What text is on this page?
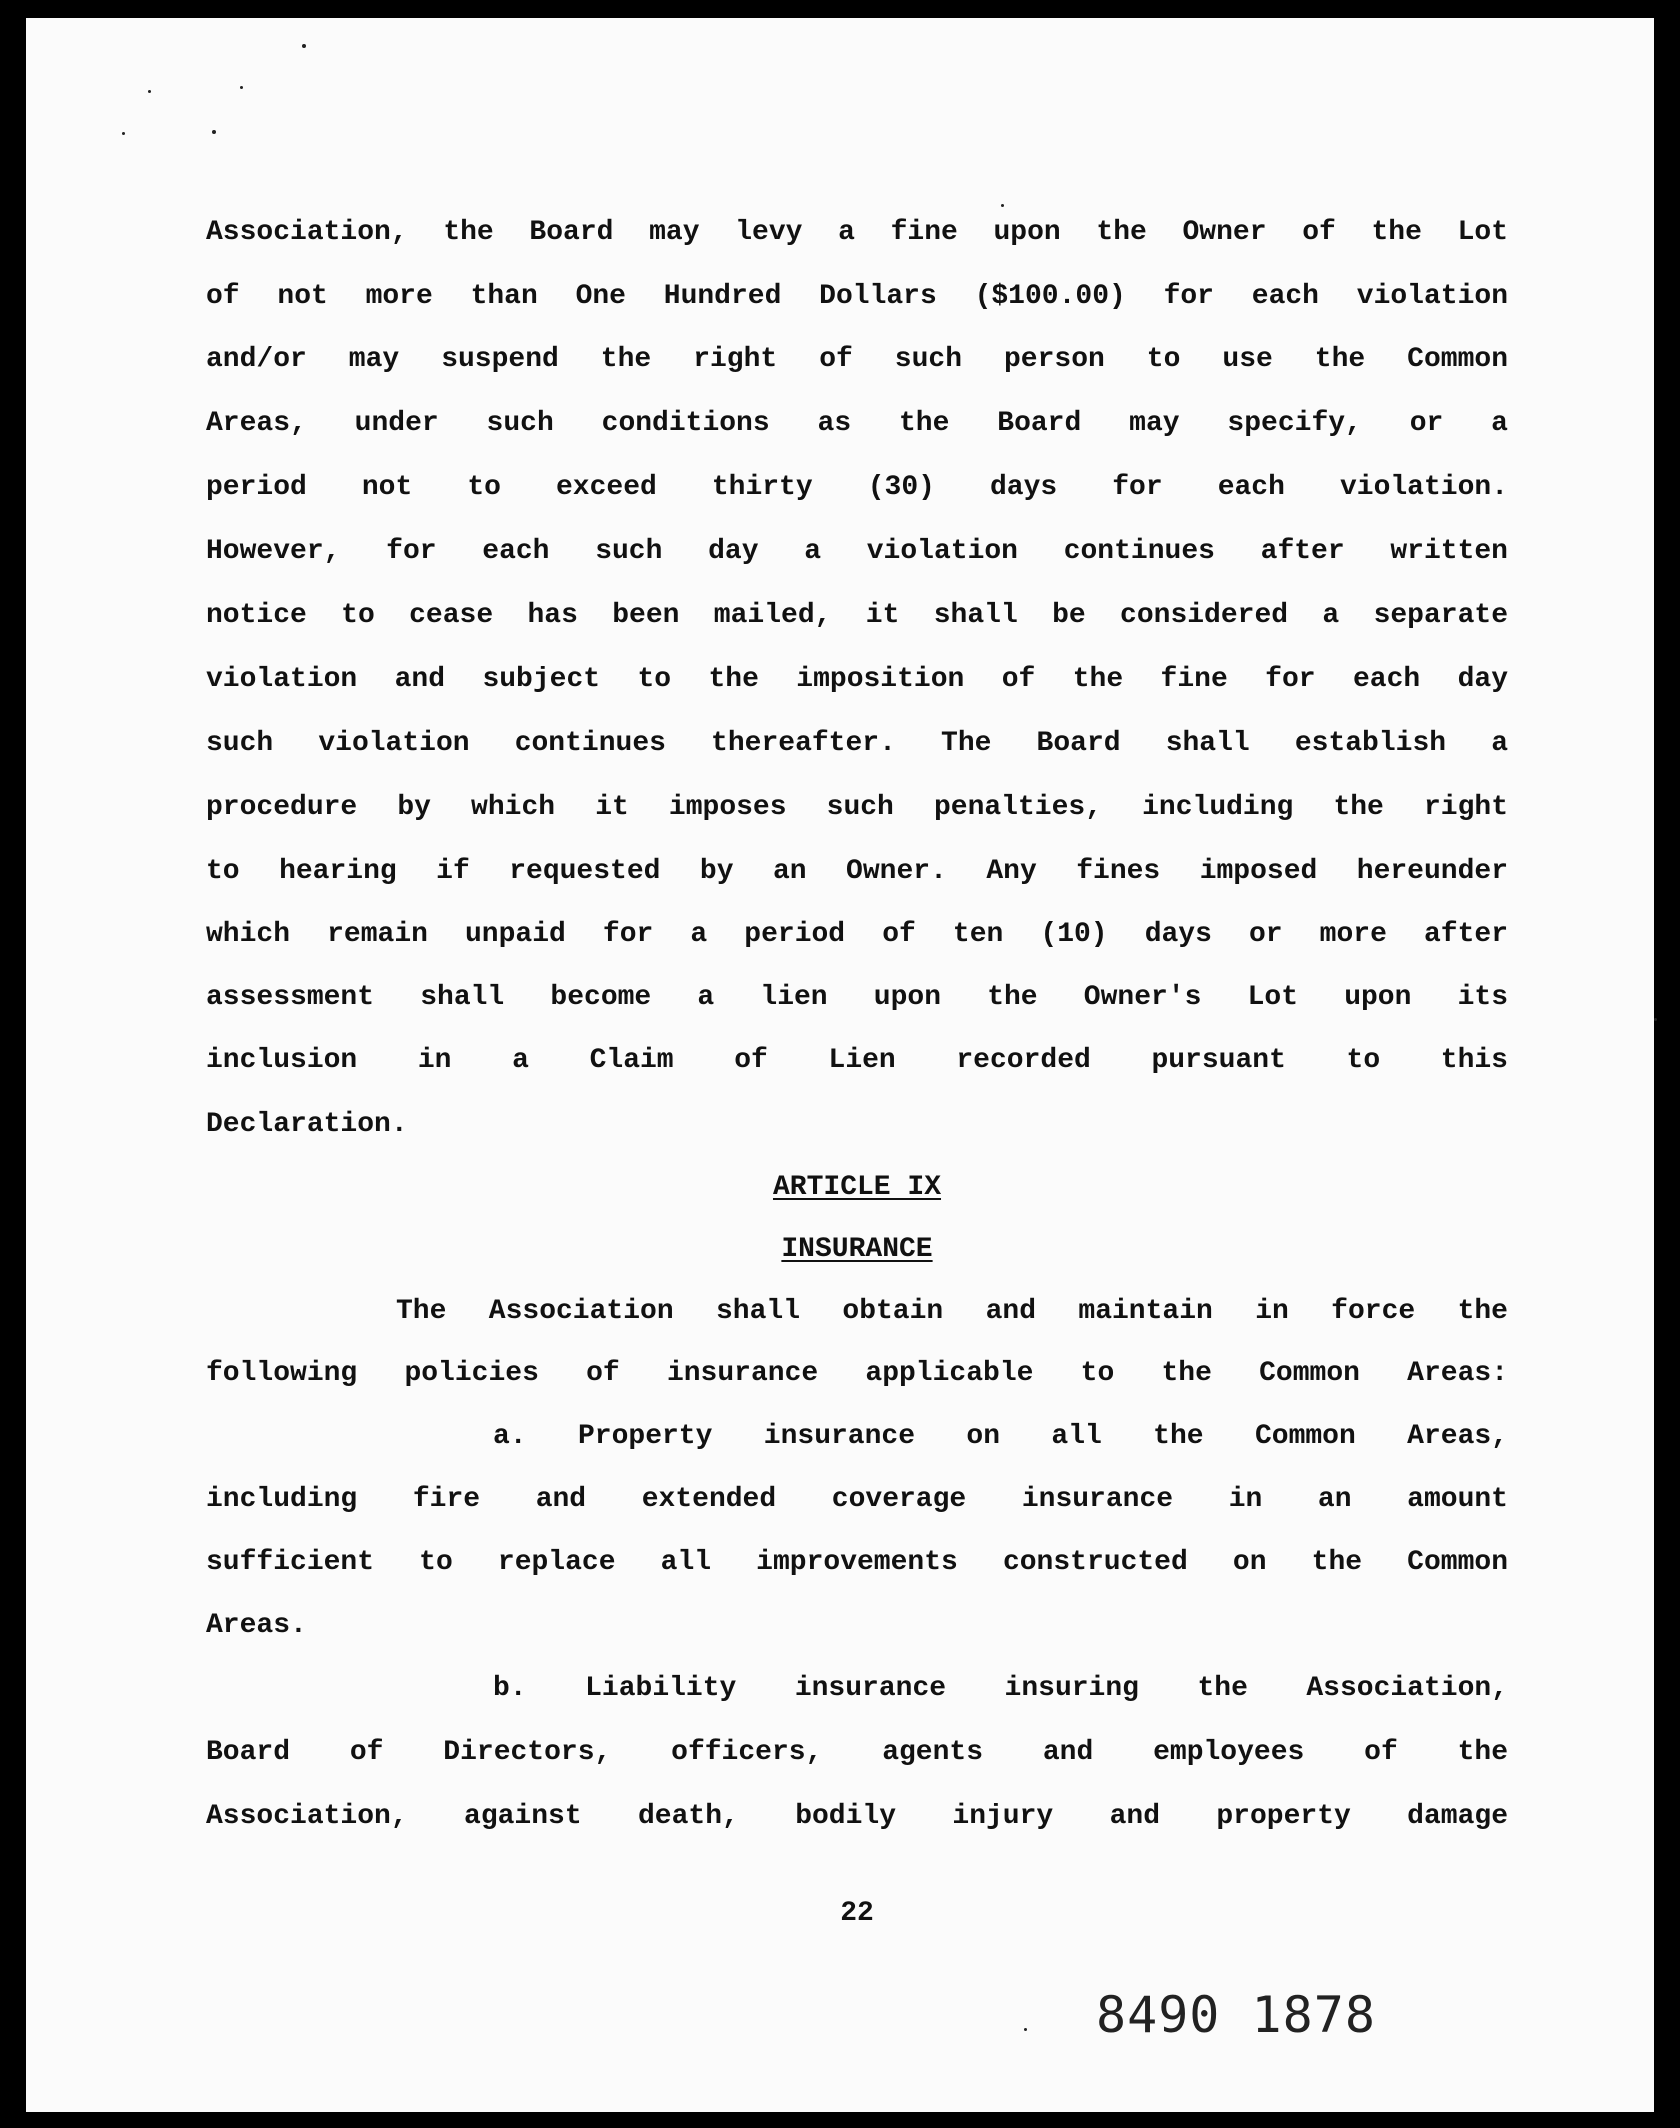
Association, the Board may levy a fine upon the Owner of the Lot
of not more than One Hundred Dollars ($100.00) for each violation
and/or may suspend the right of such person to use the Common
Areas, under such conditions as the Board may specify, or a
period not to exceed thirty (30) days for each violation.
However, for each such day a violation continues after written
notice to cease has been mailed, it shall be considered a separate
violation and subject to the imposition of the fine for each day
such violation continues thereafter. The Board shall establish a
procedure by which it imposes such penalties, including the right
to hearing if requested by an Owner. Any fines imposed hereunder
which remain unpaid for a period of ten (10) days or more after
assessment shall become a lien upon the Owner's Lot upon its
inclusion in a Claim of Lien recorded pursuant to this
Declaration.
ARTICLE IX
INSURANCE
The Association shall obtain and maintain in force the
following policies of insurance applicable to the Common Areas:
a. Property insurance on all the Common Areas,
including fire and extended coverage insurance in an amount
sufficient to replace all improvements constructed on the Common
Areas.
b. Liability insurance insuring the Association,
Board of Directors, officers, agents and employees of the
Association, against death, bodily injury and property damage
22
8490 1878
